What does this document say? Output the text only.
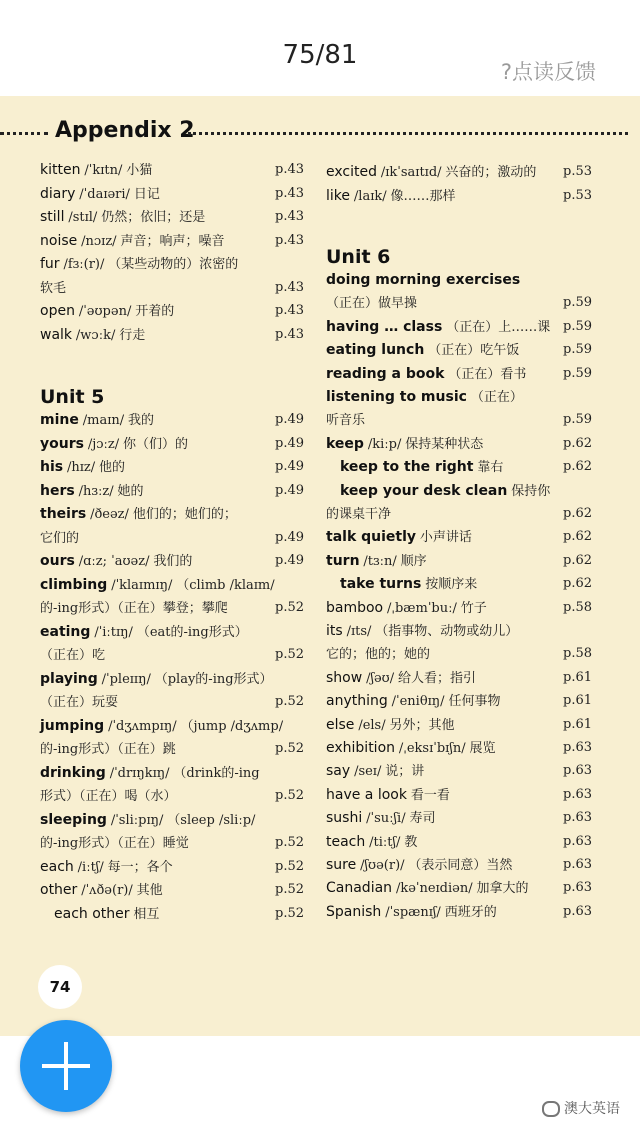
75/81
?点读反馈
Appendix 2
Unit 5
kitten /ˈkɪtn/ 小猫	p.43
diary /ˈdaɪəri/ 日记	p.43
still /stɪl/ 仍然；依旧；还是	p.43
noise /nɔɪz/ 声音；响声；噪音	p.43
fur /fɜː(r)/ （某些动物的）浓密的
软毛	p.43
open /ˈəʊpən/ 开着的	p.43
walk /wɔːk/ 行走	p.43
mine /maɪn/ 我的	p.49
yours /jɔːz/ 你（们）的	p.49
his /hɪz/ 他的	p.49
hers /hɜːz/ 她的	p.49
theirs /ðeəz/ 他们的；她们的；
它们的	p.49
ours /ɑːz; ˈaʊəz/ 我们的	p.49
climbing /ˈklaɪmɪŋ/ （climb /klaɪm/
的-ing形式）（正在）攀登；攀爬	p.52
eating /ˈiːtɪŋ/ （eat的-ing形式）
（正在）吃	p.52
playing /ˈpleɪɪŋ/ （play的-ing形式）
（正在）玩耍	p.52
jumping /ˈdʒʌmpɪŋ/ （jump /dʒʌmp/
的-ing形式）（正在）跳	p.52
drinking /ˈdrɪŋkɪŋ/ （drink的-ing
形式）（正在）喝（水）	p.52
sleeping /ˈsliːpɪŋ/ （sleep /sliːp/
的-ing形式）（正在）睡觉	p.52
each /iːtʃ/ 每一；各个	p.52
other /ˈʌðə(r)/ 其他	p.52
each other 相互	p.52
Unit 6
excited /ɪkˈsaɪtɪd/ 兴奋的；激动的 p.53
like /laɪk/ 像……那样	p.53
doing morning exercises
（正在）做早操	p.59
having … class （正在）上……课 p.59
eating lunch （正在）吃午饭	p.59
reading a book （正在）看书	p.59
listening to music （正在）
听音乐	p.59
keep /kiːp/ 保持某种状态	p.62
keep to the right 靠右	p.62
keep your desk clean 保持你
的课桌干净	p.62
talk quietly 小声讲话	p.62
turn /tɜːn/ 顺序	p.62
take turns 按顺序来	p.62
bamboo /ˌbæmˈbuː/ 竹子	p.58
its /ɪts/ （指事物、动物或幼儿）
它的；他的；她的	p.58
show /ʃəʊ/ 给人看；指引	p.61
anything /ˈeniθɪŋ/ 任何事物	p.61
else /els/ 另外；其他	p.61
exhibition /ˌeksɪˈbɪʃn/ 展览	p.63
say /seɪ/ 说；讲	p.63
have a look 看一看	p.63
sushi /ˈsuːʃi/ 寿司	p.63
teach /tiːtʃ/ 教	p.63
sure /ʃʊə(r)/ （表示同意）当然	p.63
Canadian /kəˈneɪdiən/ 加拿大的	p.63
Spanish /ˈspænɪʃ/ 西班牙的	p.63
74
澳大英语
